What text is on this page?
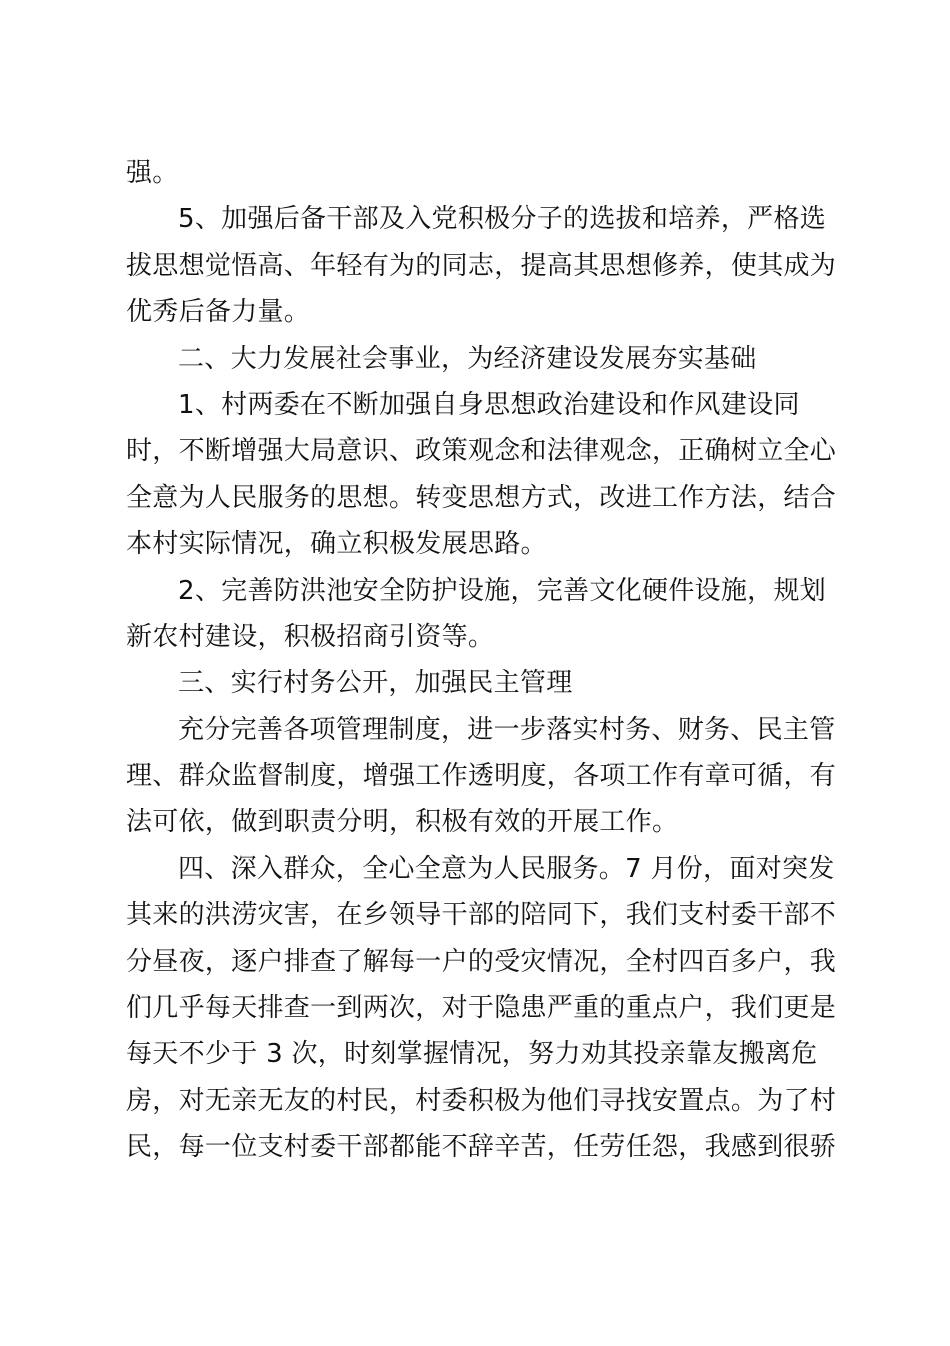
强。
5、加强后备干部及入党积极分子的选拔和培养，严格选
拔思想觉悟高、年轻有为的同志，提高其思想修养，使其成为
优秀后备力量。
二、大力发展社会事业，为经济建设发展夯实基础
1、村两委在不断加强自身思想政治建设和作风建设同
时，不断增强大局意识、政策观念和法律观念，正确树立全心
全意为人民服务的思想。转变思想方式，改进工作方法，结合
本村实际情况，确立积极发展思路。
2、完善防洪池安全防护设施，完善文化硬件设施，规划
新农村建设，积极招商引资等。
三、实行村务公开，加强民主管理
充分完善各项管理制度，进一步落实村务、财务、民主管
理、群众监督制度，增强工作透明度，各项工作有章可循，有
法可依，做到职责分明，积极有效的开展工作。
四、深入群众，全心全意为人民服务。7 月份，面对突发
其来的洪涝灾害，在乡领导干部的陪同下，我们支村委干部不
分昼夜，逐户排查了解每一户的受灾情况，全村四百多户，我
们几乎每天排查一到两次，对于隐患严重的重点户，我们更是
每天不少于 3 次，时刻掌握情况，努力劝其投亲靠友搬离危
房，对无亲无友的村民，村委积极为他们寻找安置点。为了村
民，每一位支村委干部都能不辞辛苦，任劳任怨，我感到很骄
